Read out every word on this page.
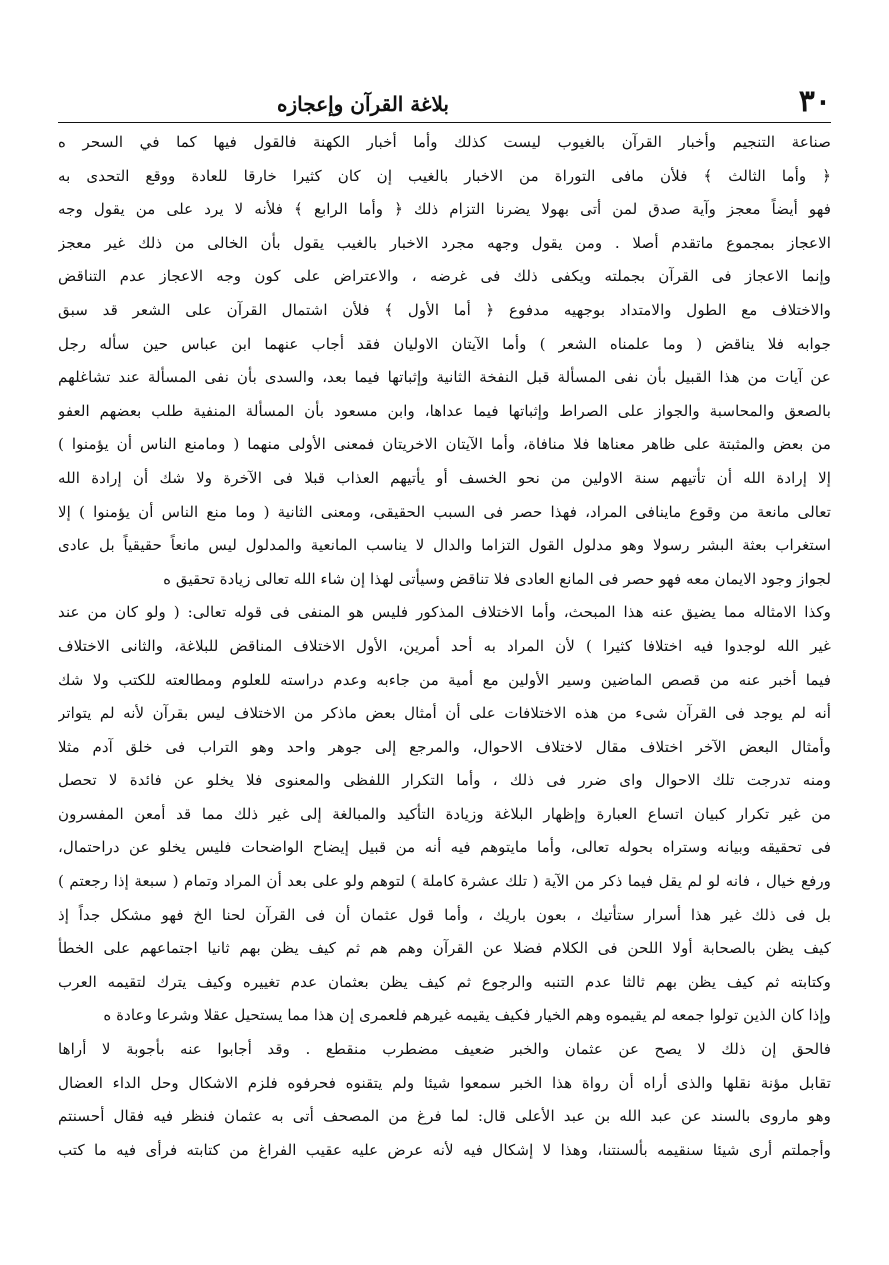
٣٠
بلاغة القرآن وإعجازه
صناعة التنجيم وأخبار القرآن بالغيوب ليست كذلك وأما أخبار الكهنة فالقول فيها كما في السحر ه
﴿ وأما الثالث ﴾ فلأن مافى التوراة من الاخبار بالغيب إن كان كثيرا خارقا للعادة ووقع التحدى به
فهو أيضاً معجز وآية صدق لمن أتى بهولا يضرنا التزام ذلك ﴿ وأما الرابع ﴾ فلأنه لا يرد على من يقول وجه
الاعجاز بمجموع ماتقدم أصلا . ومن يقول وجهه مجرد الاخبار بالغيب يقول بأن الخالى من ذلك غير معجز
وإنما الاعجاز فى القرآن بجملته ويكفى ذلك فى غرضه ، والاعتراض على كون وجه الاعجاز عدم التناقض
والاختلاف مع الطول والامتداد بوجهيه مدفوع ﴿ أما الأول ﴾ فلأن اشتمال القرآن على الشعر قد سبق
جوابه فلا يناقض ( وما علمناه الشعر ) وأما الآيتان الاوليان فقد أجاب عنهما ابن عباس حين سأله رجل
عن آيات من هذا القبيل بأن نفى المسألة قبل النفخة الثانية وإثباتها فيما بعد، والسدى بأن نفى المسألة عند تشاغلهم
بالصعق والمحاسبة والجواز على الصراط وإثباتها فيما عداها، وابن مسعود بأن المسألة المنفية طلب بعضهم العفو
من بعض والمثبتة على ظاهر معناها فلا منافاة، وأما الآيتان الاخريتان فمعنى الأولى منهما ( ومامنع الناس أن يؤمنوا )
إلا إرادة الله أن تأتيهم سنة الاولين من نحو الخسف أو يأتيهم العذاب قبلا فى الآخرة ولا شك أن إرادة الله
تعالى مانعة من وقوع ماينافى المراد، فهذا حصر فى السبب الحقيقى، ومعنى الثانية ( وما منع الناس أن يؤمنوا ) إلا
استغراب بعثة البشر رسولا وهو مدلول القول التزاما والدال لا يناسب المانعية والمدلول ليس مانعاً حقيقياً بل عادى
لجواز وجود الايمان معه فهو حصر فى المانع العادى فلا تناقض وسيأتى لهذا إن شاء الله تعالى زيادة تحقيق ه
وكذا الامثاله مما يضيق عنه هذا المبحث، وأما الاختلاف المذكور فليس هو المنفى فى قوله تعالى: ( ولو كان من عند
غير الله لوجدوا فيه اختلافا كثيرا ) لأن المراد به أحد أمرين، الأول الاختلاف المناقض للبلاغة، والثانى الاختلاف
فيما أخبر عنه من قصص الماضين وسير الأولين مع أمية من جاءبه وعدم دراسته للعلوم ومطالعته للكتب ولا شك
أنه لم يوجد فى القرآن شىء من هذه الاختلافات على أن أمثال بعض ماذكر من الاختلاف ليس بقرآن لأنه لم يتواتر
وأمثال البعض الآخر اختلاف مقال لاختلاف الاحوال، والمرجع إلى جوهر واحد وهو التراب فى خلق آدم مثلا
ومنه تدرجت تلك الاحوال واى ضرر فى ذلك ، وأما التكرار اللفظى والمعنوى فلا يخلو عن فائدة لا تحصل
من غير تكرار كبيان اتساع العبارة وإظهار البلاغة وزيادة التأكيد والمبالغة إلى غير ذلك مما قد أمعن المفسرون
فى تحقيقه وبيانه وستراه بحوله تعالى، وأما مايتوهم فيه أنه من قبيل إيضاح الواضحات فليس يخلو عن دراحتمال،
ورفع خيال ، فانه لو لم يقل فيما ذكر من الآية ( تلك عشرة كاملة ) لتوهم ولو على بعد أن المراد وتمام ( سبعة إذا رجعتم )
بل فى ذلك غير هذا أسرار ستأتيك ، بعون باريك ، وأما قول عثمان أن فى القرآن لحنا الخ فهو مشكل جداً إذ
كيف يظن بالصحابة أولا اللحن فى الكلام فضلا عن القرآن وهم هم ثم كيف يظن بهم ثانيا اجتماعهم على الخطأ
وكتابته ثم كيف يظن بهم ثالثا عدم التنبه والرجوع ثم كيف يظن بعثمان عدم تغييره وكيف يترك لتقيمه العرب
وإذا كان الذين تولوا جمعه لم يقيموه وهم الخيار فكيف يقيمه غيرهم فلعمرى إن هذا مما يستحيل عقلا وشرعا وعادة ه
فالحق إن ذلك لا يصح عن عثمان والخبر ضعيف مضطرب منقطع . وقد أجابوا عنه بأجوبة لا أراها
تقابل مؤنة نقلها والذى أراه أن رواة هذا الخبر سمعوا شيئا ولم يتقنوه فحرفوه فلزم الاشكال وحل الداء العضال
وهو ماروى بالسند عن عبد الله بن عبد الأعلى قال: لما فرغ من المصحف أتى به عثمان فنظر فيه فقال أحسنتم
وأجملتم أرى شيئا سنقيمه بألسنتنا، وهذا لا إشكال فيه لأنه عرض عليه عقيب الفراغ من كتابته فرأى فيه ما كتب
